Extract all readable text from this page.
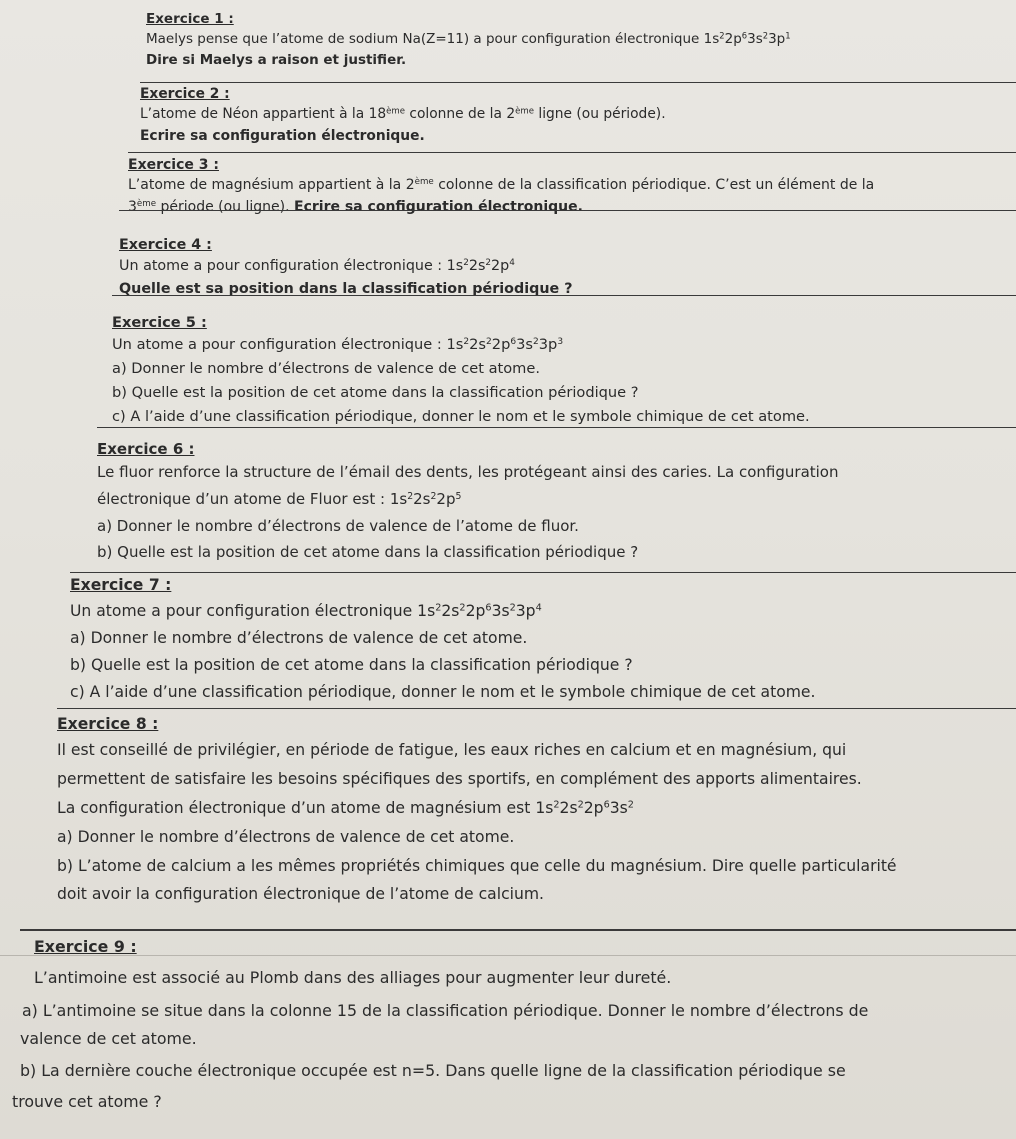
Exercice 1 :

Maelys pense que l’atome de sodium Na(Z=11) a pour configuration électronique $1s^22p^63s^23p^1$

Dire si Maelys a raison et justifier.

Exercice 2 :

L’atome de Néon appartient à la 18ème colonne de la 2ème ligne (ou période).

Ecrire sa configuration électronique.

Exercice 3 :

L’atome de magnésium appartient à la 2ème colonne de la classification périodique. C’est un élément de la

3ème période (ou ligne). Ecrire sa configuration électronique.

Exercice 4 :

Un atome a pour configuration électronique : $1s^22s^22p^4$

Quelle est sa position dans la classification périodique ?

Exercice 5 :

Un atome a pour configuration électronique : $1s^22s^22p^63s^23p^3$

a) Donner le nombre d’électrons de valence de cet atome.

b) Quelle est la position de cet atome dans la classification périodique ?

c) A l’aide d’une classification périodique, donner le nom et le symbole chimique de cet atome.

Exercice 6 :

Le fluor renforce la structure de l’émail des dents, les protégeant ainsi des caries. La configuration

électronique d’un atome de Fluor est : $1s^22s^22p^5$

a) Donner le nombre d’électrons de valence de l’atome de fluor.

b) Quelle est la position de cet atome dans la classification périodique ?

Exercice 7 :

Un atome a pour configuration électronique $1s^22s^22p^63s^23p^4$

a) Donner le nombre d’électrons de valence de cet atome.

b) Quelle est la position de cet atome dans la classification périodique ?

c) A l’aide d’une classification périodique, donner le nom et le symbole chimique de cet atome.

Exercice 8 :

Il est conseillé de privilégier, en période de fatigue, les eaux riches en calcium et en magnésium, qui

permettent de satisfaire les besoins spécifiques des sportifs, en complément des apports alimentaires.

La configuration électronique d’un atome de magnésium est $1s^22s^22p^63s^2$

a) Donner le nombre d’électrons de valence de cet atome.

b) L’atome de calcium a les mêmes propriétés chimiques que celle du magnésium. Dire quelle particularité

doit avoir la configuration électronique de l’atome de calcium.

Exercice 9 :

L’antimoine est associé au Plomb dans des alliages pour augmenter leur dureté.

a) L’antimoine se situe dans la colonne 15 de la classification périodique. Donner le nombre d’électrons de

valence de cet atome.

b) La dernière couche électronique occupée est n=5. Dans quelle ligne de la classification périodique se

trouve cet atome ?
